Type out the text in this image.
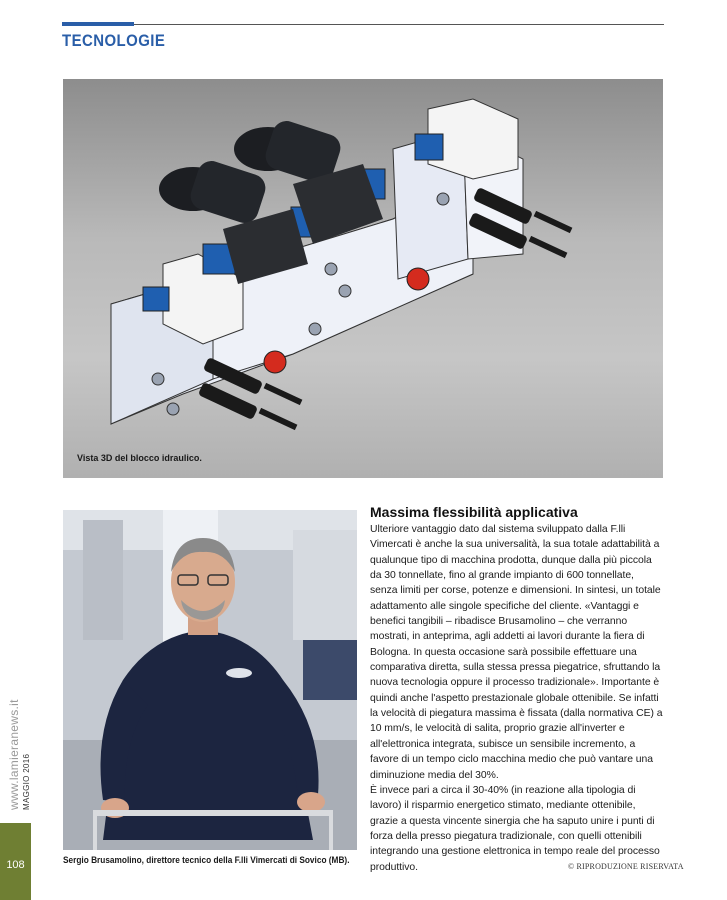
TECNOLOGIE
Vista 3D del blocco idraulico.
Sergio Brusamolino, direttore tecnico della F.lli Vimercati di Sovico (MB).
Massima flessibilità applicativa

Ulteriore vantaggio dato dal sistema sviluppato dalla F.lli Vimercati è anche la sua universalità, la sua totale adattabilità a qualunque tipo di macchina prodotta, dunque dalla più piccola da 30 tonnellate, fino al grande impianto di 600 tonnellate, senza limiti per corse, potenze e dimensioni. In sintesi, un totale adattamento alle singole specifiche del cliente. «Vantaggi e benefici tangibili – ribadisce Brusamolino – che verranno mostrati, in anteprima, agli addetti ai lavori durante la fiera di Bologna. In questa occasione sarà possibile effettuare una comparativa diretta, sulla stessa pressa piegatrice, sfruttando la nuova tecnologia oppure il processo tradizionale». Importante è quindi anche l'aspetto prestazionale globale ottenibile. Se infatti la velocità di piegatura massima è fissata (dalla normativa CE) a 10 mm/s, le velocità di salita, proprio grazie all'inverter e all'elettronica integrata, subisce un sensibile incremento, a favore di un tempo ciclo macchina medio che può vantare una diminuzione media del 30%.

È invece pari a circa il 30-40% (in reazione alla tipologia di lavoro) il risparmio energetico stimato, mediante ottenibile, grazie a questa vincente sinergia che ha saputo unire i punti di forza della presso piegatura tradizionale, con quelli ottenibili integrando una gestione elettronica in tempo reale del processo produttivo.	© RIPRODUZIONE RISERVATA
www.lamieranews.it MAGGIO 2016
108
